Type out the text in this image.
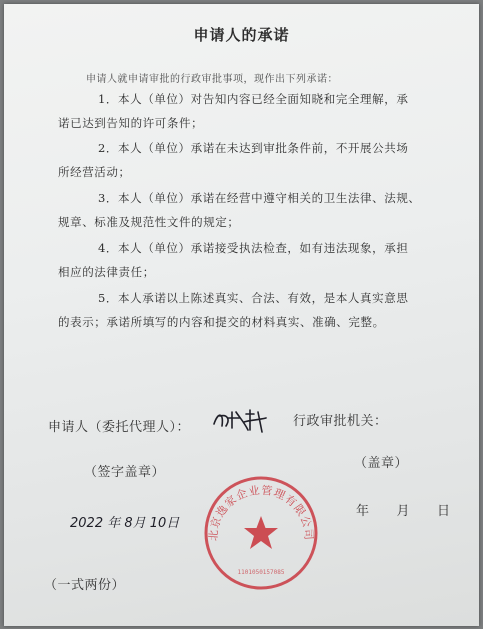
申请人的承诺
申请人就申请审批的行政审批事项，现作出下列承诺：
1．本人（单位）对告知内容已经全面知晓和完全理解，承
诺已达到告知的许可条件；
2．本人（单位）承诺在未达到审批条件前，不开展公共场
所经营活动；
3．本人（单位）承诺在经营中遵守相关的卫生法律、法规、
规章、标准及规范性文件的规定；
4．本人（单位）承诺接受执法检查，如有违法现象，承担
相应的法律责任；
5．本人承诺以上陈述真实、合法、有效，是本人真实意思
的表示；承诺所填写的内容和提交的材料真实、准确、完整。
申请人（委托代理人）：	行政审批机关：
（签字盖章）
（盖章）
2022 年 8月 10日
年　　月　　日
（一式两份）
北京逸家企业管理有限公司
1101050157085
